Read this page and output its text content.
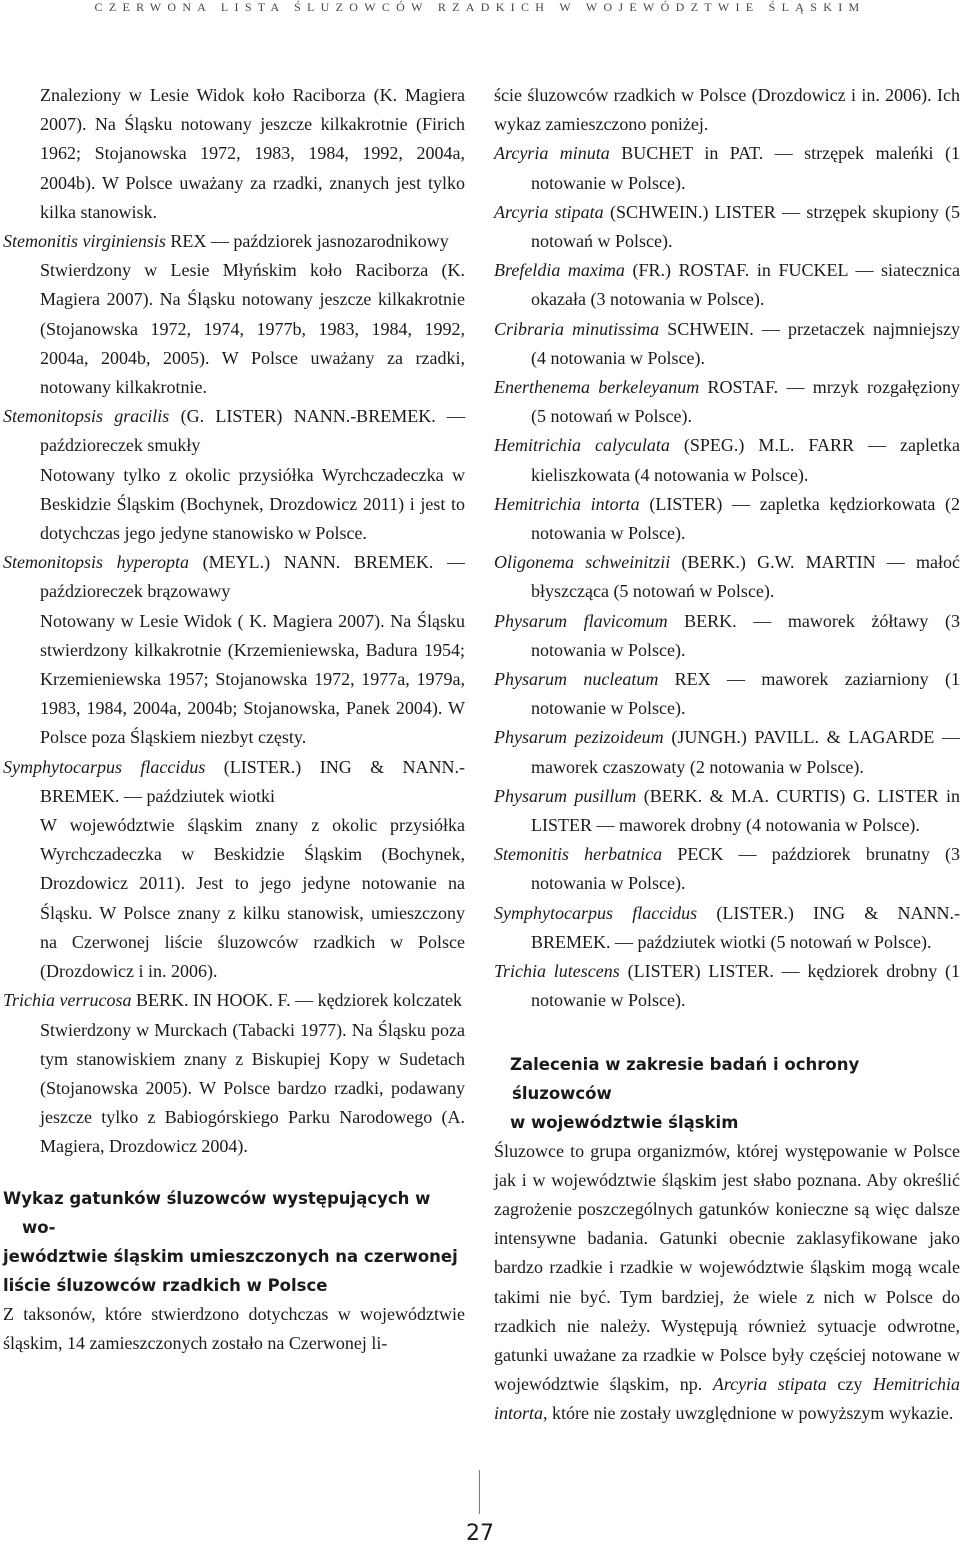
CZERWONA LISTA ŚLUZOWCÓW RZADKICH W WOJEWÓDZTWIE ŚLĄSKIM
Znaleziony w Lesie Widok koło Raciborza (K. Magiera 2007). Na Śląsku notowany jeszcze kilkakrotnie (Firich 1962; Stojanowska 1972, 1983, 1984, 1992, 2004a, 2004b). W Polsce uważany za rzadki, znanych jest tylko kilka stanowisk.
Stemonitis virginiensis REX — paździorek jasnozarodnikowy
Stwierdzony w Lesie Młyńskim koło Raciborza (K. Magiera 2007). Na Śląsku notowany jeszcze kilkakrotnie (Stojanowska 1972, 1974, 1977b, 1983, 1984, 1992, 2004a, 2004b, 2005). W Polsce uważany za rzadki, notowany kilkakrotnie.
Stemonitopsis gracilis (G. LISTER) NANN.-BREMEK. — paździoreczek smukły
Notowany tylko z okolic przysiółka Wyrchczadeczka w Beskidzie Śląskim (Bochynek, Drozdowicz 2011) i jest to dotychczas jego jedyne stanowisko w Polsce.
Stemonitopsis hyperopta (MEYL.) NANN. BREMEK. — paździoreczek brązowawy
Notowany w Lesie Widok ( K. Magiera 2007). Na Śląsku stwierdzony kilkakrotnie (Krzemieniewska, Badura 1954; Krzemieniewska 1957; Stojanowska 1972, 1977a, 1979a, 1983, 1984, 2004a, 2004b; Stojanowska, Panek 2004). W Polsce poza Śląskiem niezbyt częsty.
Symphytocarpus flaccidus (LISTER.) ING & NANN.-BREMEK. — paździutek wiotki
W województwie śląskim znany z okolic przysiółka Wyrchczadeczka w Beskidzie Śląskim (Bochynek, Drozdowicz 2011). Jest to jego jedyne notowanie na Śląsku. W Polsce znany z kilku stanowisk, umieszczony na Czerwonej liście śluzowców rzadkich w Polsce (Drozdowicz i in. 2006).
Trichia verrucosa BERK. IN HOOK. F. — kędziorek kolczatek
Stwierdzony w Murckach (Tabacki 1977). Na Śląsku poza tym stanowiskiem znany z Biskupiej Kopy w Sudetach (Stojanowska 2005). W Polsce bardzo rzadki, podawany jeszcze tylko z Babiogórskiego Parku Narodowego (A. Magiera, Drozdowicz 2004).
Wykaz gatunków śluzowców występujących w wo-
jewództwie śląskim umieszczonych na czerwonej
liście śluzowców rzadkich w Polsce
Z taksonów, które stwierdzono dotychczas w województwie śląskim, 14 zamieszczonych zostało na Czerwonej li-
ście śluzowców rzadkich w Polsce (Drozdowicz i in. 2006). Ich wykaz zamieszczono poniżej.
Arcyria minuta BUCHET in PAT. — strzępek maleńki (1 notowanie w Polsce).
Arcyria stipata (SCHWEIN.) LISTER — strzępek skupiony (5 notowań w Polsce).
Brefeldia maxima (FR.) ROSTAF. in FUCKEL — siatecznica okazała (3 notowania w Polsce).
Cribraria minutissima SCHWEIN. — przetaczek najmniejszy (4 notowania w Polsce).
Enerthenema berkeleyanum ROSTAF. — mrzyk rozgałęziony (5 notowań w Polsce).
Hemitrichia calyculata (SPEG.) M.L. FARR — zapletka kieliszkowata (4 notowania w Polsce).
Hemitrichia intorta (LISTER) — zapletka kędziorkowata (2 notowania w Polsce).
Oligonema schweinitzii (BERK.) G.W. MARTIN — małoć błyszcząca (5 notowań w Polsce).
Physarum flavicomum BERK. — maworek żółtawy (3 notowania w Polsce).
Physarum nucleatum REX — maworek zaziarniony (1 notowanie w Polsce).
Physarum pezizoideum (JUNGH.) PAVILL. & LAGARDE — maworek czaszowaty (2 notowania w Polsce).
Physarum pusillum (BERK. & M.A. CURTIS) G. LISTER in LISTER — maworek drobny (4 notowania w Polsce).
Stemonitis herbatnica PECK — paździorek brunatny (3 notowania w Polsce).
Symphytocarpus flaccidus (LISTER.) ING & NANN.-BREMEK. — paździutek wiotki (5 notowań w Polsce).
Trichia lutescens (LISTER) LISTER. — kędziorek drobny (1 notowanie w Polsce).
Zalecenia w zakresie badań i ochrony śluzowców
w województwie śląskim
Śluzowce to grupa organizmów, której występowanie w Polsce jak i w województwie śląskim jest słabo poznana. Aby określić zagrożenie poszczególnych gatunków konieczne są więc dalsze intensywne badania. Gatunki obecnie zaklasyfikowane jako bardzo rzadkie i rzadkie w województwie śląskim mogą wcale takimi nie być. Tym bardziej, że wiele z nich w Polsce do rzadkich nie należy. Występują również sytuacje odwrotne, gatunki uważane za rzadkie w Polsce były częściej notowane w województwie śląskim, np. Arcyria stipata czy Hemitrichia intorta, które nie zostały uwzględnione w powyższym wykazie.
27
